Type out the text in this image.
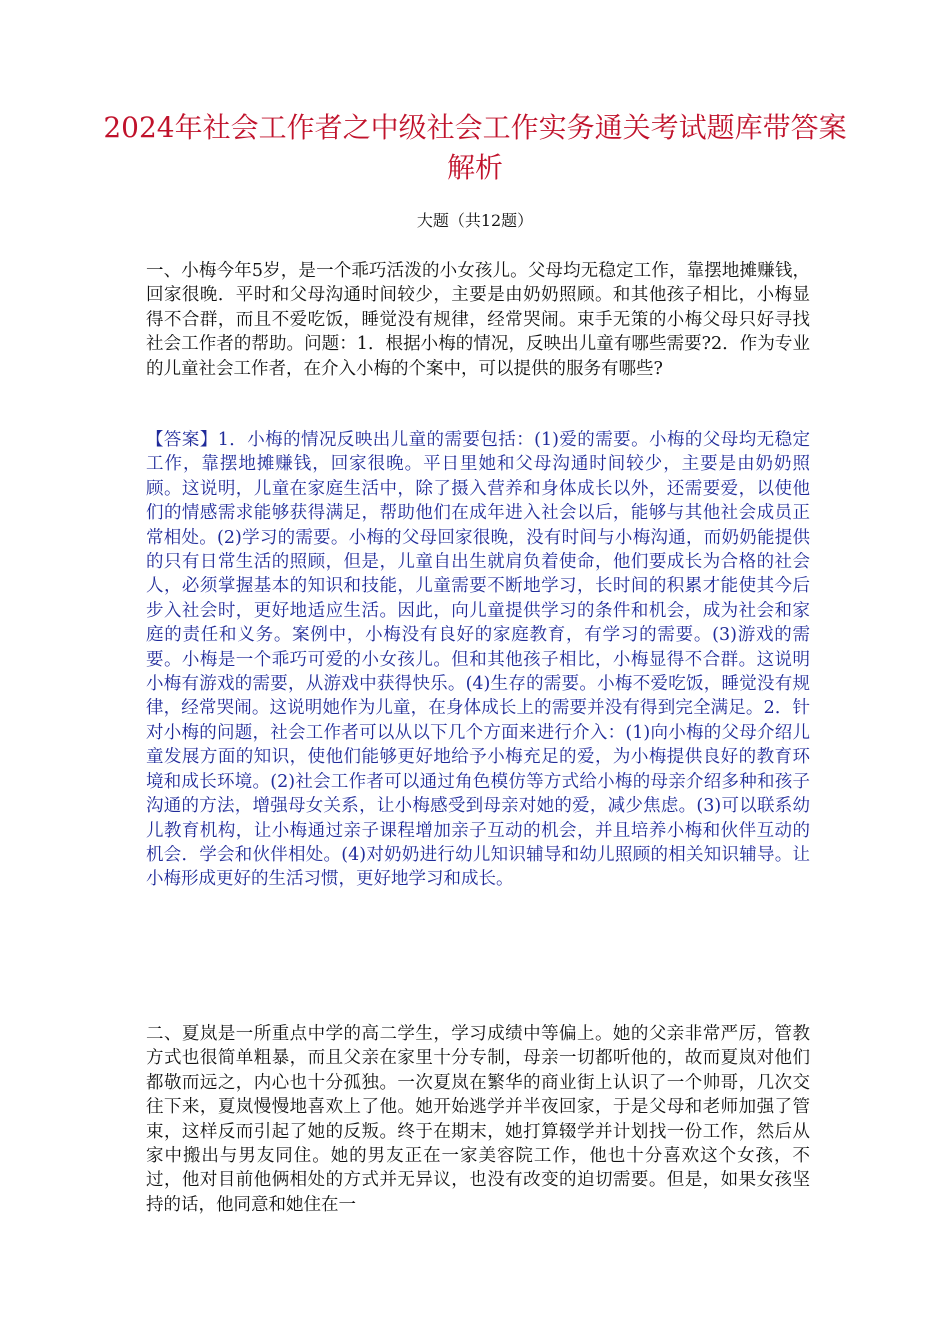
2024年社会工作者之中级社会工作实务通关考试题库带答案解析
大题（共12题）

一、小梅今年5岁，是一个乖巧活泼的小女孩儿。父母均无稳定工作，靠摆地摊赚钱，回家很晚．平时和父母沟通时间较少，主要是由奶奶照顾。和其他孩子相比，小梅显得不合群，而且不爱吃饭，睡觉没有规律，经常哭闹。束手无策的小梅父母只好寻找社会工作者的帮助。问题：1．根据小梅的情况，反映出儿童有哪些需要?2．作为专业的儿童社会工作者，在介入小梅的个案中，可以提供的服务有哪些?

【答案】1．小梅的情况反映出儿童的需要包括：(1)爱的需要。小梅的父母均无稳定工作，靠摆地摊赚钱，回家很晚。平日里她和父母沟通时间较少，主要是由奶奶照顾。这说明，儿童在家庭生活中，除了摄入营养和身体成长以外，还需要爱，以使他们的情感需求能够获得满足，帮助他们在成年进入社会以后，能够与其他社会成员正常相处。(2)学习的需要。小梅的父母回家很晚，没有时间与小梅沟通，而奶奶能提供的只有日常生活的照顾，但是，儿童自出生就肩负着使命，他们要成长为合格的社会人，必须掌握基本的知识和技能，儿童需要不断地学习，长时间的积累才能使其今后步入社会时，更好地适应生活。因此，向儿童提供学习的条件和机会，成为社会和家庭的责任和义务。案例中，小梅没有良好的家庭教育，有学习的需要。(3)游戏的需要。小梅是一个乖巧可爱的小女孩儿。但和其他孩子相比，小梅显得不合群。这说明小梅有游戏的需要，从游戏中获得快乐。(4)生存的需要。小梅不爱吃饭，睡觉没有规律，经常哭闹。这说明她作为儿童，在身体成长上的需要并没有得到完全满足。2．针对小梅的问题，社会工作者可以从以下几个方面来进行介入：(1)向小梅的父母介绍儿童发展方面的知识，使他们能够更好地给予小梅充足的爱，为小梅提供良好的教育环境和成长环境。(2)社会工作者可以通过角色模仿等方式给小梅的母亲介绍多种和孩子沟通的方法，增强母女关系，让小梅感受到母亲对她的爱，减少焦虑。(3)可以联系幼儿教育机构，让小梅通过亲子课程增加亲子互动的机会，并且培养小梅和伙伴互动的机会．学会和伙伴相处。(4)对奶奶进行幼儿知识辅导和幼儿照顾的相关知识辅导。让小梅形成更好的生活习惯，更好地学习和成长。

二、夏岚是一所重点中学的高二学生，学习成绩中等偏上。她的父亲非常严厉，管教方式也很简单粗暴，而且父亲在家里十分专制，母亲一切都听他的，故而夏岚对他们都敬而远之，内心也十分孤独。一次夏岚在繁华的商业街上认识了一个帅哥，几次交往下来，夏岚慢慢地喜欢上了他。她开始逃学并半夜回家，于是父母和老师加强了管束，这样反而引起了她的反叛。终于在期末，她打算辍学并计划找一份工作，然后从家中搬出与男友同住。她的男友正在一家美容院工作，他也十分喜欢这个女孩，不过，他对目前他俩相处的方式并无异议，也没有改变的迫切需要。但是，如果女孩坚持的话，他同意和她住在一
